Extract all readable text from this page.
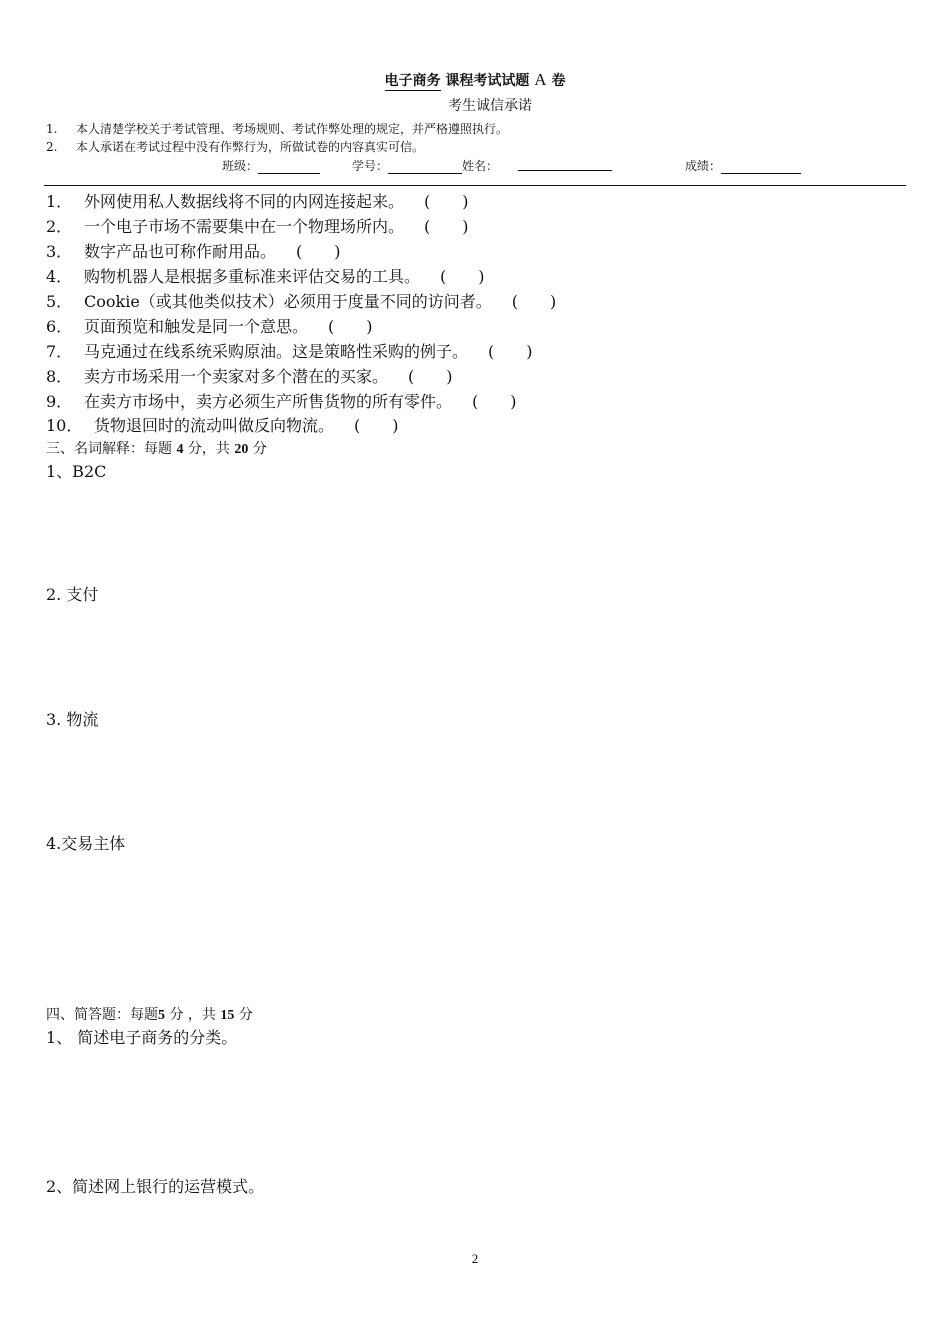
电子商务 课程考试试题 A 卷
考生诚信承诺
1. 本人清楚学校关于考试管理、考场规则、考试作弊处理的规定，并严格遵照执行。
2. 本人承诺在考试过程中没有作弊行为，所做试卷的内容真实可信。
班级：	学号：	姓名：	成绩：
1． 外网使用私人数据线将不同的内网连接起来。 (　　)
2． 一个电子市场不需要集中在一个物理场所内。 (　　)
3． 数字产品也可称作耐用品。 (　　)
4． 购物机器人是根据多重标准来评估交易的工具。 (　　)
5． Cookie（或其他类似技术）必须用于度量不同的访问者。 (　　)
6． 页面预览和触发是同一个意思。 (　　)
7． 马克通过在线系统采购原油。这是策略性采购的例子。 (　　)
8． 卖方市场采用一个卖家对多个潜在的买家。 (　　)
9． 在卖方市场中，卖方必须生产所售货物的所有零件。 (　　)
10． 货物退回时的流动叫做反向物流。 (　　)
三、名词解释：每题 4 分，共 20 分
1、B2C
2. 支付
3. 物流
4.交易主体
四、简答题：每题5 分 ，共 15 分
1、 简述电子商务的分类。
2、简述网上银行的运营模式。
2
